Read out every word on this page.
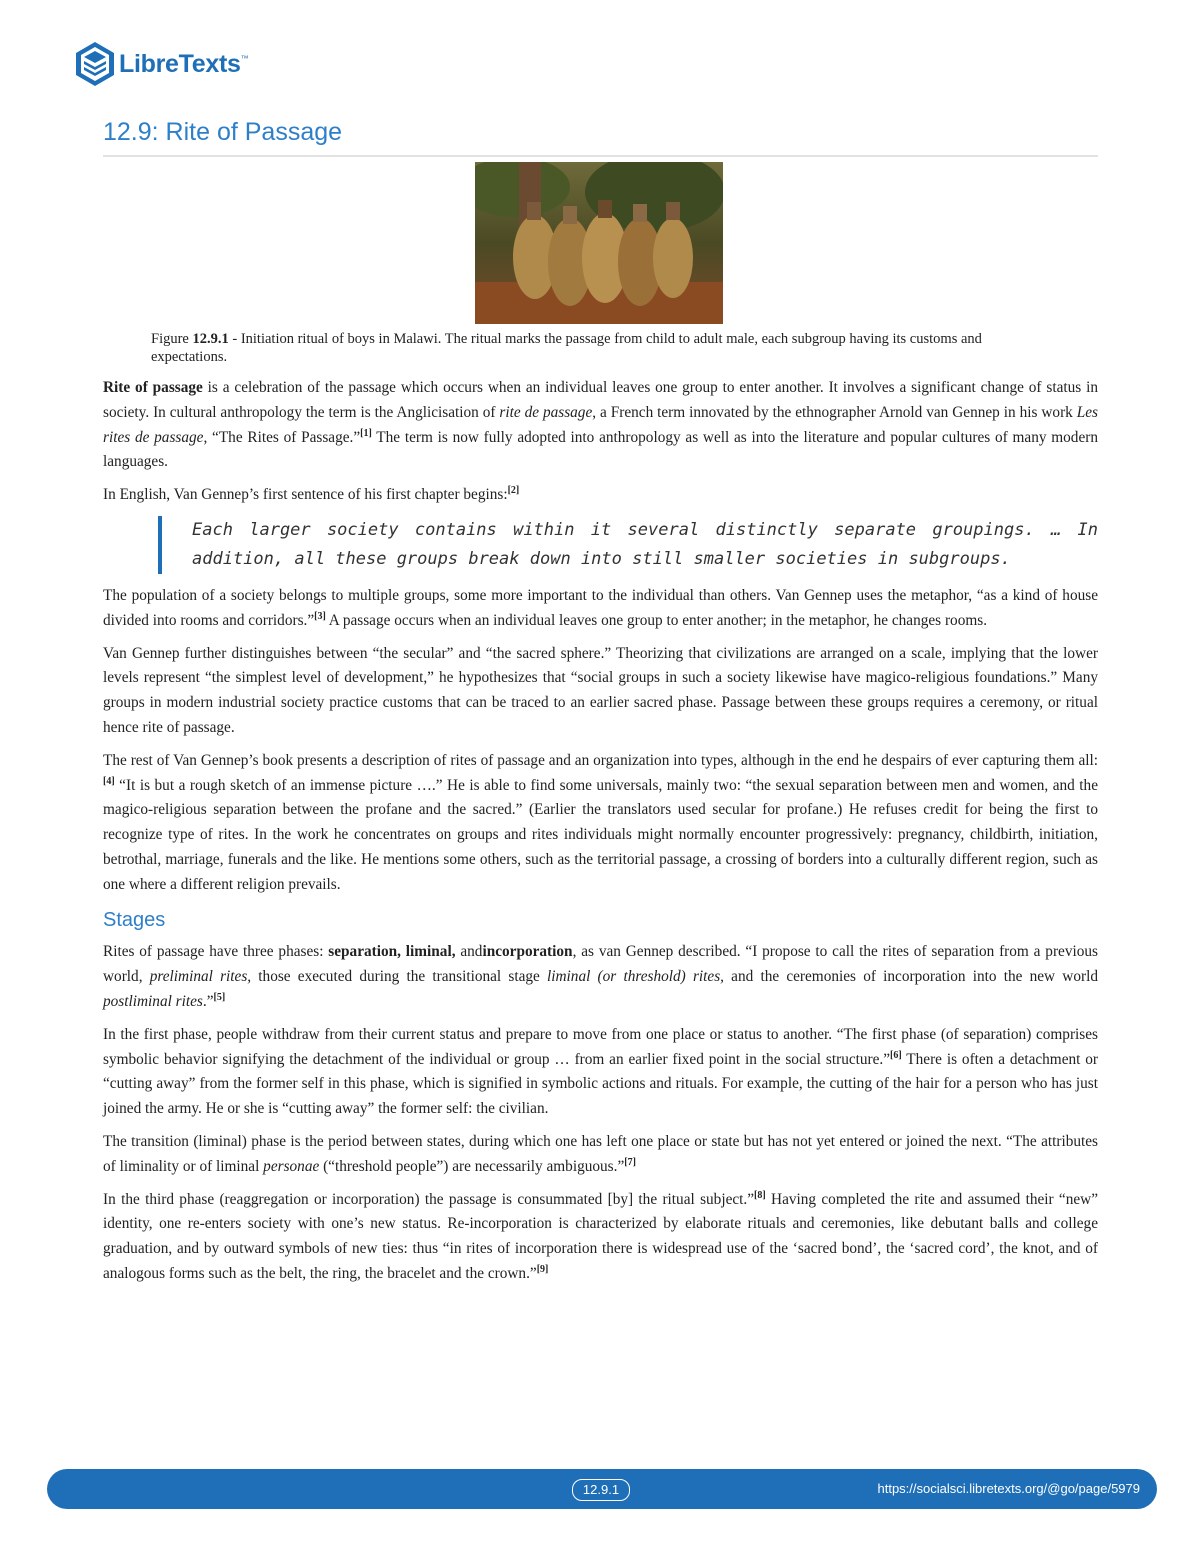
LibreTexts ™
12.9: Rite of Passage
Figure 12.9.1 - Initiation ritual of boys in Malawi. The ritual marks the passage from child to adult male, each subgroup having its customs and expectations.

Rite of passage is a celebration of the passage which occurs when an individual leaves one group to enter another. It involves a significant change of status in society. In cultural anthropology the term is the Anglicisation of rite de passage, a French term innovated by the ethnographer Arnold van Gennep in his work Les rites de passage, “The Rites of Passage.”[1] The term is now fully adopted into anthropology as well as into the literature and popular cultures of many modern languages.

In English, Van Gennep’s first sentence of his first chapter begins:[2]

Each larger society contains within it several distinctly separate groupings. … In addition, all these groups break down into still smaller societies in subgroups.

The population of a society belongs to multiple groups, some more important to the individual than others. Van Gennep uses the metaphor, “as a kind of house divided into rooms and corridors.”[3] A passage occurs when an individual leaves one group to enter another; in the metaphor, he changes rooms.

Van Gennep further distinguishes between “the secular” and “the sacred sphere.” Theorizing that civilizations are arranged on a scale, implying that the lower levels represent “the simplest level of development,” he hypothesizes that “social groups in such a society likewise have magico-religious foundations.” Many groups in modern industrial society practice customs that can be traced to an earlier sacred phase. Passage between these groups requires a ceremony, or ritual hence rite of passage.

The rest of Van Gennep’s book presents a description of rites of passage and an organization into types, although in the end he despairs of ever capturing them all:[4] “It is but a rough sketch of an immense picture ….” He is able to find some universals, mainly two: “the sexual separation between men and women, and the magico-religious separation between the profane and the sacred.” (Earlier the translators used secular for profane.) He refuses credit for being the first to recognize type of rites. In the work he concentrates on groups and rites individuals might normally encounter progressively: pregnancy, childbirth, initiation, betrothal, marriage, funerals and the like. He mentions some others, such as the territorial passage, a crossing of borders into a culturally different region, such as one where a different religion prevails.

Stages

Rites of passage have three phases: separation, liminal, andincorporation, as van Gennep described. “I propose to call the rites of separation from a previous world, preliminal rites, those executed during the transitional stage liminal (or threshold) rites, and the ceremonies of incorporation into the new world postliminal rites.”[5]

In the first phase, people withdraw from their current status and prepare to move from one place or status to another. “The first phase (of separation) comprises symbolic behavior signifying the detachment of the individual or group … from an earlier fixed point in the social structure.”[6] There is often a detachment or “cutting away” from the former self in this phase, which is signified in symbolic actions and rituals. For example, the cutting of the hair for a person who has just joined the army. He or she is “cutting away” the former self: the civilian.

The transition (liminal) phase is the period between states, during which one has left one place or state but has not yet entered or joined the next. “The attributes of liminality or of liminal personae (“threshold people”) are necessarily ambiguous.”[7]

In the third phase (reaggregation or incorporation) the passage is consummated [by] the ritual subject.”[8] Having completed the rite and assumed their “new” identity, one re-enters society with one’s new status. Re-incorporation is characterized by elaborate rituals and ceremonies, like debutant balls and college graduation, and by outward symbols of new ties: thus “in rites of incorporation there is widespread use of the ‘sacred bond’, the ‘sacred cord’, the knot, and of analogous forms such as the belt, the ring, the bracelet and the crown.”[9]

12.9.1	https://socialsci.libretexts.org/@go/page/5979
